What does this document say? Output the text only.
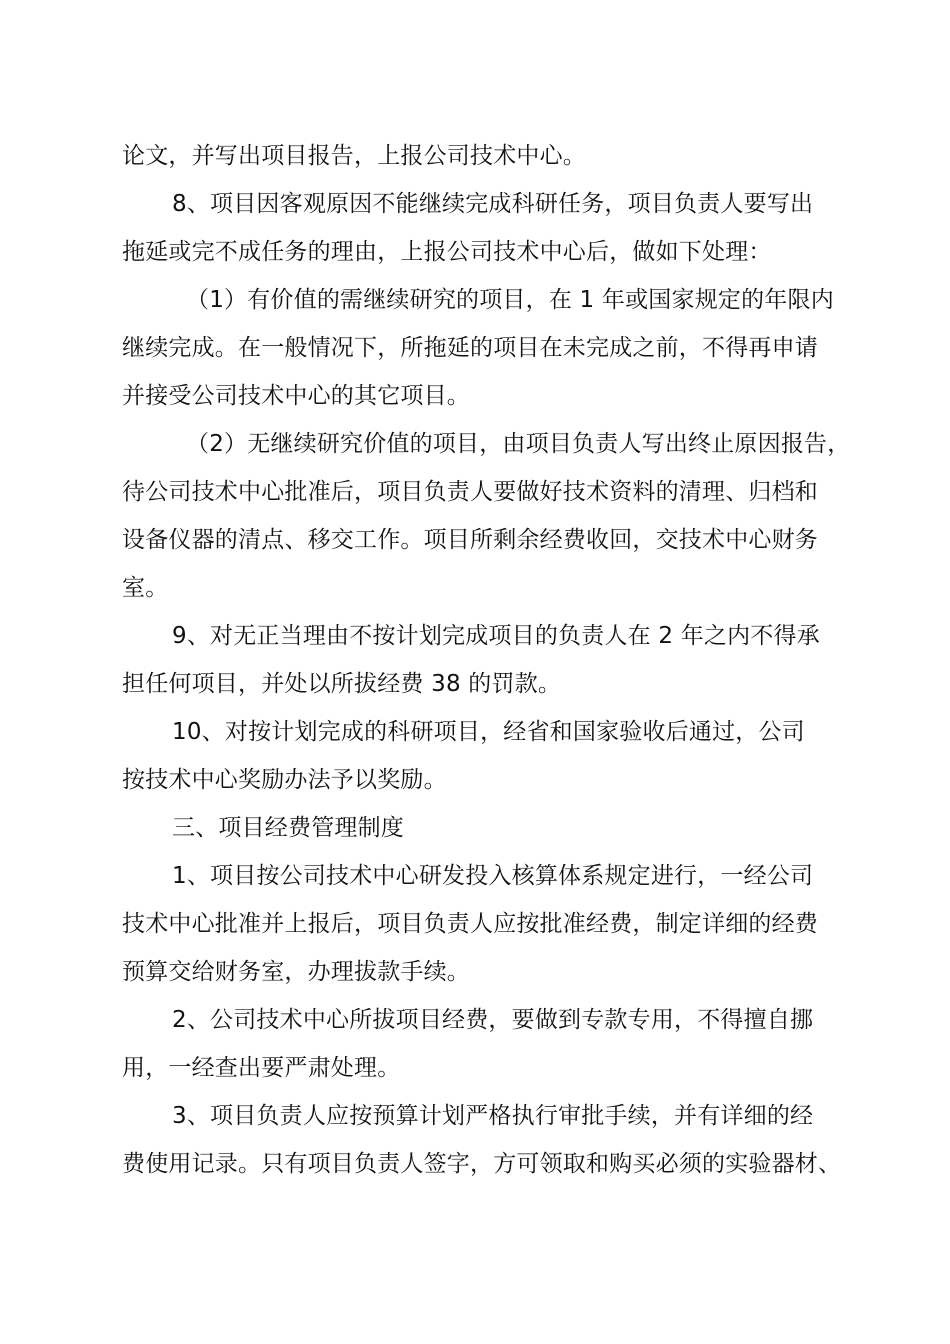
论文，并写出项目报告，上报公司技术中心。
8、项目因客观原因不能继续完成科研任务，项目负责人要写出
拖延或完不成任务的理由，上报公司技术中心后，做如下处理：
（1）有价值的需继续研究的项目，在 1 年或国家规定的年限内
继续完成。在一般情况下，所拖延的项目在未完成之前，不得再申请
并接受公司技术中心的其它项目。
（2）无继续研究价值的项目，由项目负责人写出终止原因报告，
待公司技术中心批准后，项目负责人要做好技术资料的清理、归档和
设备仪器的清点、移交工作。项目所剩余经费收回，交技术中心财务
室。
9、对无正当理由不按计划完成项目的负责人在 2 年之内不得承
担任何项目，并处以所拔经费 38 的罚款。
10、对按计划完成的科研项目，经省和国家验收后通过，公司
按技术中心奖励办法予以奖励。
三、项目经费管理制度
1、项目按公司技术中心研发投入核算体系规定进行，一经公司
技术中心批准并上报后，项目负责人应按批准经费，制定详细的经费
预算交给财务室，办理拔款手续。
2、公司技术中心所拔项目经费，要做到专款专用，不得擅自挪
用，一经查出要严肃处理。
3、项目负责人应按预算计划严格执行审批手续，并有详细的经
费使用记录。只有项目负责人签字，方可领取和购买必须的实验器材、
